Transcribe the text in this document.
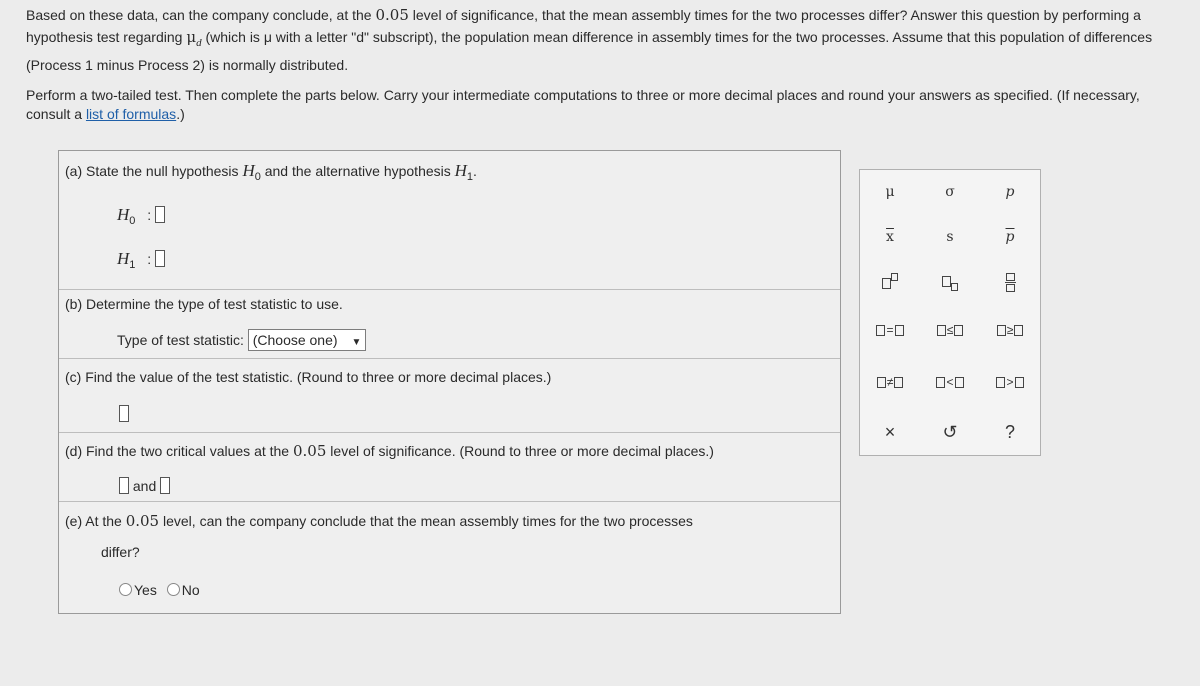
Based on these data, can the company conclude, at the 0.05 level of significance, that the mean assembly times for the two processes differ? Answer this question by performing a hypothesis test regarding $\mu_d$ (which is μ with a letter "d" subscript), the population mean difference in assembly times for the two processes. Assume that this population of differences (Process 1 minus Process 2) is normally distributed.

Perform a two-tailed test. Then complete the parts below. Carry your intermediate computations to three or more decimal places and round your answers as specified. (If necessary, consult a list of formulas.)

(a) State the null hypothesis $H_0$ and the alternative hypothesis $H_1$.
$H_0$ :
$H_1$ :
(b) Determine the type of test statistic to use.
Type of test statistic: (Choose one) ▼
(c) Find the value of the test statistic. (Round to three or more decimal places.)
(d) Find the two critical values at the 0.05 level of significance. (Round to three or more decimal places.)
and
(e) At the 0.05 level, can the company conclude that the mean assembly times for the two processes
differ?
Yes No
μ	σ	p
$\overline{x}$	s	$\overline{p}$
=	≤	≥
≠	<	>
×	↺	?
